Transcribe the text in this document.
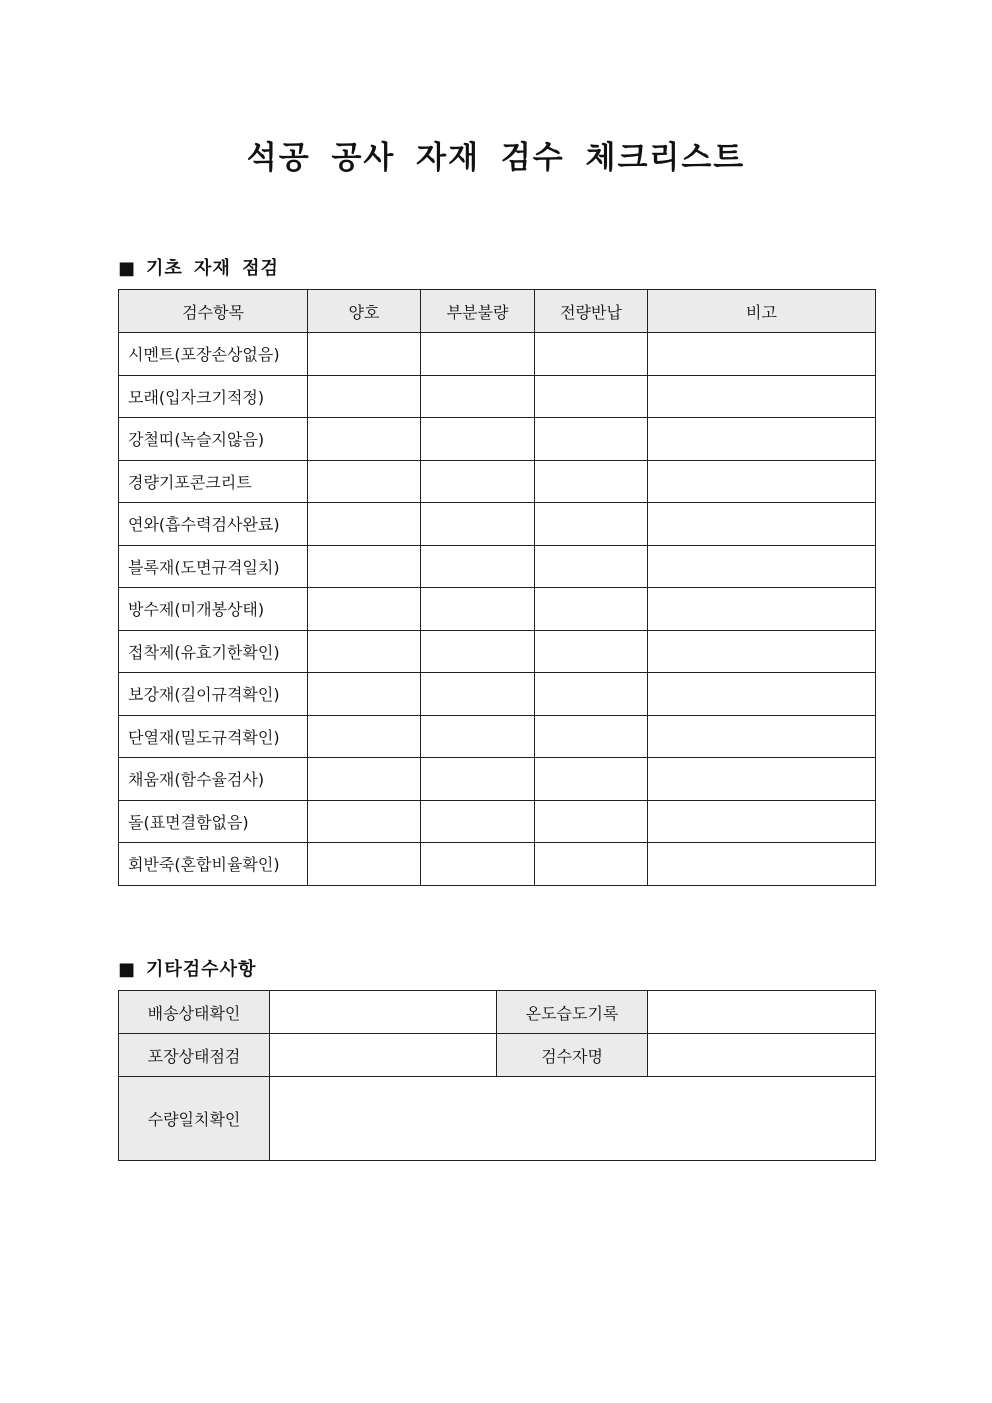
석공 공사 자재 검수 체크리스트
■ 기초 자재 점검
검수항목	양호	부분불량	전량반납	비고
시멘트(포장손상없음)				
모래(입자크기적정)				
강철띠(녹슬지않음)				
경량기포콘크리트				
연와(흡수력검사완료)				
블록재(도면규격일치)				
방수제(미개봉상태)				
접착제(유효기한확인)				
보강재(길이규격확인)				
단열재(밀도규격확인)				
채움재(함수율검사)				
돌(표면결함없음)				
회반죽(혼합비율확인)				
■ 기타검수사항
배송상태확인		온도습도기록	
포장상태점검		검수자명	
수량일치확인			
